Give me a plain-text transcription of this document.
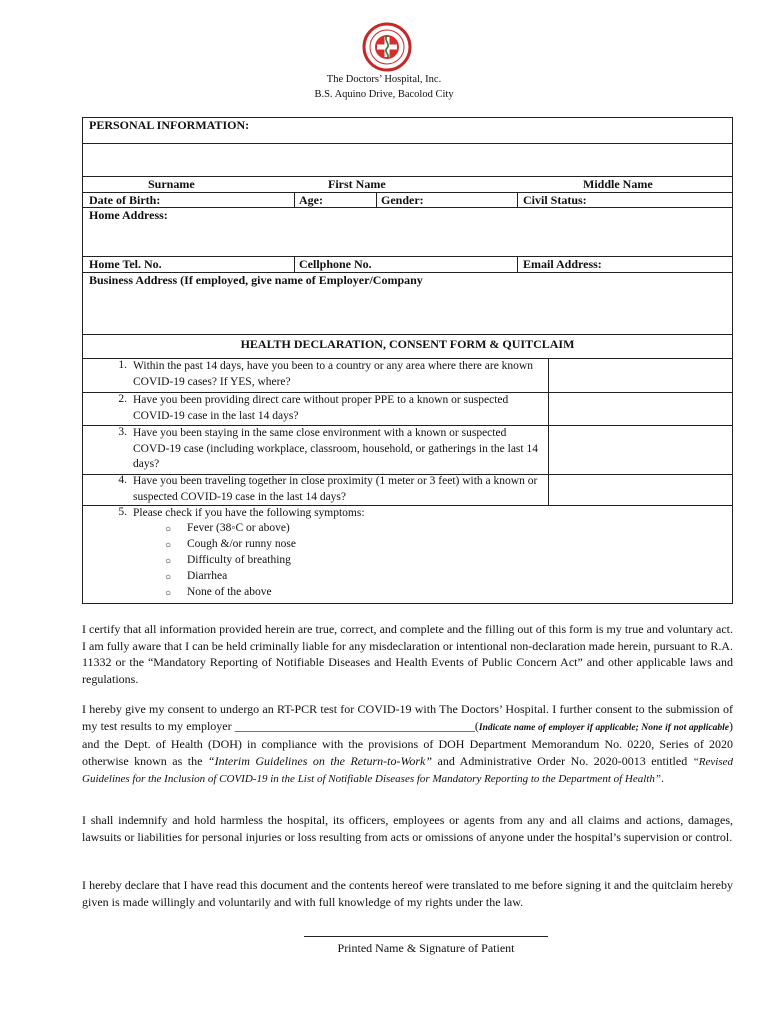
The Doctors’ Hospital, Inc.
B.S. Aquino Drive, Bacolod City
PERSONAL INFORMATION:
Surname	First Name	Middle Name
Date of Birth:	Age:	Gender:	Civil Status:
Home Address:
Home Tel. No.	Cellphone No.	Email Address:
Business Address (If employed, give name of Employer/Company
HEALTH DECLARATION, CONSENT FORM & QUITCLAIM
1. Within the past 14 days, have you been to a country or any area where there are known COVID-19 cases? If YES, where?
2. Have you been providing direct care without proper PPE to a known or suspected COVID-19 case in the last 14 days?
3. Have you been staying in the same close environment with a known or suspected COVD-19 case (including workplace, classroom, household, or gatherings in the last 14 days?
4. Have you been traveling together in close proximity (1 meter or 3 feet) with a known or suspected COVID-19 case in the last 14 days?
5. Please check if you have the following symptoms:
○ Fever (38◦C or above)
○ Cough &/or runny nose
○ Difficulty of breathing
○ Diarrhea
○ None of the above
I certify that all information provided herein are true, correct, and complete and the filling out of this form is my true and voluntary act. I am fully aware that I can be held criminally liable for any misdeclaration or intentional non-declaration made herein, pursuant to R.A. 11332 or the “Mandatory Reporting of Notifiable Diseases and Health Events of Public Concern Act” and other applicable laws and regulations.
I hereby give my consent to undergo an RT-PCR test for COVID-19 with The Doctors’ Hospital. I further consent to the submission of my test results to my employer ________________________________________(Indicate name of employer if applicable; None if not applicable) and the Dept. of Health (DOH) in compliance with the provisions of DOH Department Memorandum No. 0220, Series of 2020 otherwise known as the “Interim Guidelines on the Return-to-Work” and Administrative Order No. 2020-0013 entitled “Revised Guidelines for the Inclusion of COVID-19 in the List of Notifiable Diseases for Mandatory Reporting to the Department of Health”.
I shall indemnify and hold harmless the hospital, its officers, employees or agents from any and all claims and actions, damages, lawsuits or liabilities for personal injuries or loss resulting from acts or omissions of anyone under the hospital’s supervision or control.
I hereby declare that I have read this document and the contents hereof were translated to me before signing it and the quitclaim hereby given is made willingly and voluntarily and with full knowledge of my rights under the law.
Printed Name & Signature of Patient
